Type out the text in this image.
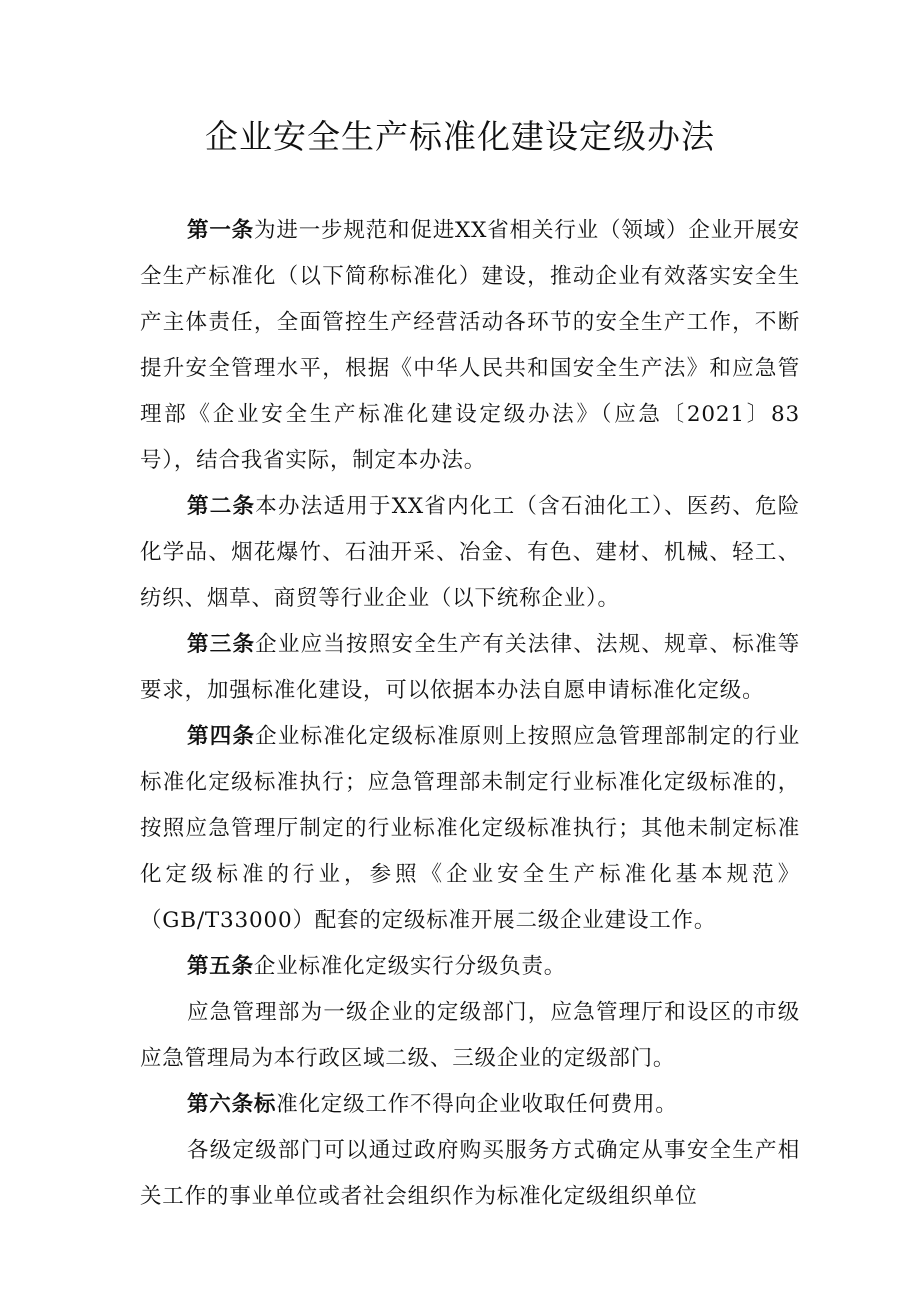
企业安全生产标准化建设定级办法

第一条为进一步规范和促进XX省相关行业（领域）企业开展安全生产标准化（以下简称标准化）建设，推动企业有效落实安全生产主体责任，全面管控生产经营活动各环节的安全生产工作，不断提升安全管理水平，根据《中华人民共和国安全生产法》和应急管理部《企业安全生产标准化建设定级办法》（应急〔2021〕83号），结合我省实际，制定本办法。

第二条本办法适用于XX省内化工（含石油化工）、医药、危险化学品、烟花爆竹、石油开采、冶金、有色、建材、机械、轻工、纺织、烟草、商贸等行业企业（以下统称企业）。

第三条企业应当按照安全生产有关法律、法规、规章、标准等要求，加强标准化建设，可以依据本办法自愿申请标准化定级。

第四条企业标准化定级标准原则上按照应急管理部制定的行业标准化定级标准执行；应急管理部未制定行业标准化定级标准的，按照应急管理厅制定的行业标准化定级标准执行；其他未制定标准化定级标准的行业，参照《企业安全生产标准化基本规范》（GB/T33000）配套的定级标准开展二级企业建设工作。

第五条企业标准化定级实行分级负责。

应急管理部为一级企业的定级部门，应急管理厅和设区的市级应急管理局为本行政区域二级、三级企业的定级部门。

第六条标准化定级工作不得向企业收取任何费用。

各级定级部门可以通过政府购买服务方式确定从事安全生产相关工作的事业单位或者社会组织作为标准化定级组织单位
